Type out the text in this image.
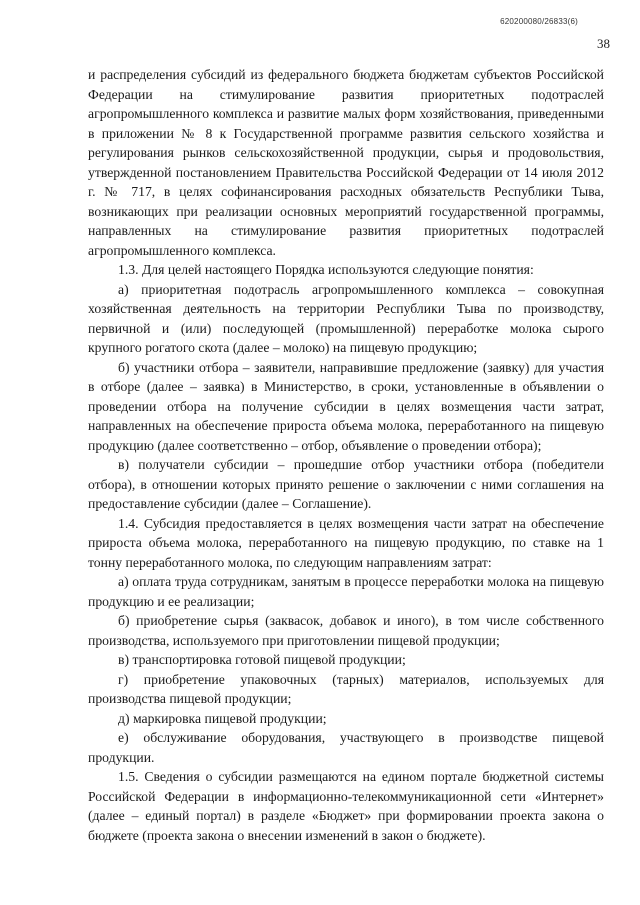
620200080/26833(6)
38

и распределения субсидий из федерального бюджета бюджетам субъектов Российской Федерации на стимулирование развития приоритетных подотраслей агропромышленного комплекса и развитие малых форм хозяйствования, приведенными в приложении № 8 к Государственной программе развития сельского хозяйства и регулирования рынков сельскохозяйственной продукции, сырья и продовольствия, утвержденной постановлением Правительства Российской Федерации от 14 июля 2012 г. № 717, в целях софинансирования расходных обязательств Республики Тыва, возникающих при реализации основных мероприятий государственной программы, направленных на стимулирование развития приоритетных подотраслей агропромышленного комплекса.

1.3. Для целей настоящего Порядка используются следующие понятия:

а) приоритетная подотрасль агропромышленного комплекса – совокупная хозяйственная деятельность на территории Республики Тыва по производству, первичной и (или) последующей (промышленной) переработке молока сырого крупного рогатого скота (далее – молоко) на пищевую продукцию;

б) участники отбора – заявители, направившие предложение (заявку) для участия в отборе (далее – заявка) в Министерство, в сроки, установленные в объявлении о проведении отбора на получение субсидии в целях возмещения части затрат, направленных на обеспечение прироста объема молока, переработанного на пищевую продукцию (далее соответственно – отбор, объявление о проведении отбора);

в) получатели субсидии – прошедшие отбор участники отбора (победители отбора), в отношении которых принято решение о заключении с ними соглашения на предоставление субсидии (далее – Соглашение).

1.4. Субсидия предоставляется в целях возмещения части затрат на обеспечение прироста объема молока, переработанного на пищевую продукцию, по ставке на 1 тонну переработанного молока, по следующим направлениям затрат:

а) оплата труда сотрудникам, занятым в процессе переработки молока на пищевую продукцию и ее реализации;

б) приобретение сырья (заквасок, добавок и иного), в том числе собственного производства, используемого при приготовлении пищевой продукции;

в) транспортировка готовой пищевой продукции;

г) приобретение упаковочных (тарных) материалов, используемых для производства пищевой продукции;

д) маркировка пищевой продукции;

е) обслуживание оборудования, участвующего в производстве пищевой продукции.

1.5. Сведения о субсидии размещаются на едином портале бюджетной системы Российской Федерации в информационно-телекоммуникационной сети «Интернет» (далее – единый портал) в разделе «Бюджет» при формировании проекта закона о бюджете (проекта закона о внесении изменений в закон о бюджете).
